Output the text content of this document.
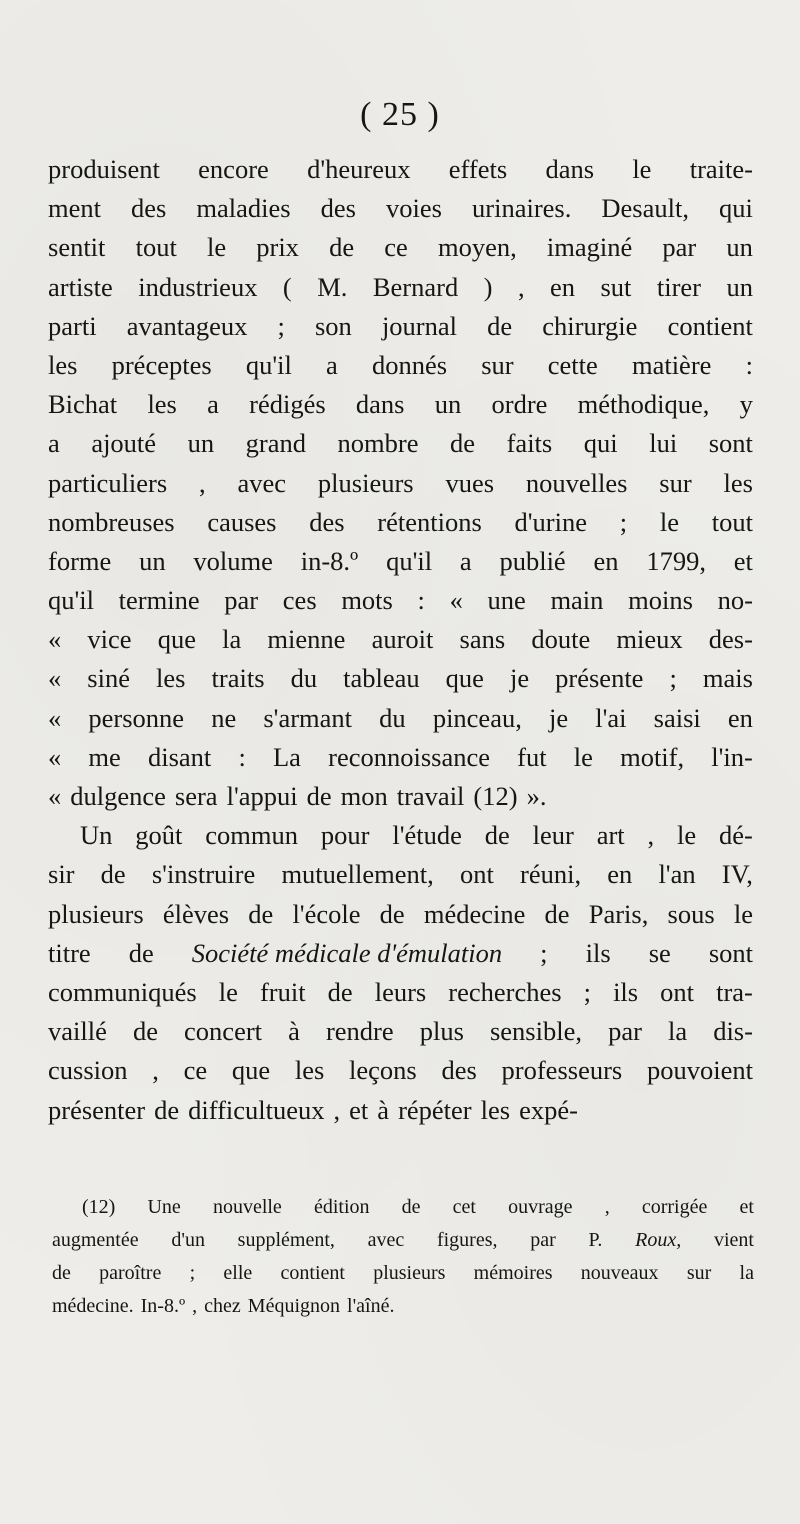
( 25 )
produisent encore d'heureux effets dans le traite-
ment des maladies des voies urinaires. Desault, qui
sentit tout le prix de ce moyen, imaginé par un
artiste industrieux ( M. Bernard ) , en sut tirer un
parti avantageux ; son journal de chirurgie contient
les préceptes qu'il a donnés sur cette matière :
Bichat les a rédigés dans un ordre méthodique, y
a ajouté un grand nombre de faits qui lui sont
particuliers , avec plusieurs vues nouvelles sur les
nombreuses causes des rétentions d'urine ; le tout
forme un volume in-8.º qu'il a publié en 1799, et
qu'il termine par ces mots : « une main moins no-
« vice que la mienne auroit sans doute mieux des-
« siné les traits du tableau que je présente ; mais
« personne ne s'armant du pinceau, je l'ai saisi en
« me disant : La reconnoissance fut le motif, l'in-
« dulgence sera l'appui de mon travail (12) ».
Un goût commun pour l'étude de leur art , le dé-
sir de s'instruire mutuellement, ont réuni, en l'an IV,
plusieurs élèves de l'école de médecine de Paris, sous le
titre de Société médicale d'émulation ; ils se sont
communiqués le fruit de leurs recherches ; ils ont tra-
vaillé de concert à rendre plus sensible, par la dis-
cussion , ce que les leçons des professeurs pouvoient
présenter de difficultueux , et à répéter les expé-
(12) Une nouvelle édition de cet ouvrage , corrigée et
augmentée d'un supplément, avec figures, par P. Roux, vient
de paroître ; elle contient plusieurs mémoires nouveaux sur la
médecine. In-8.º , chez Méquignon l'aîné.
